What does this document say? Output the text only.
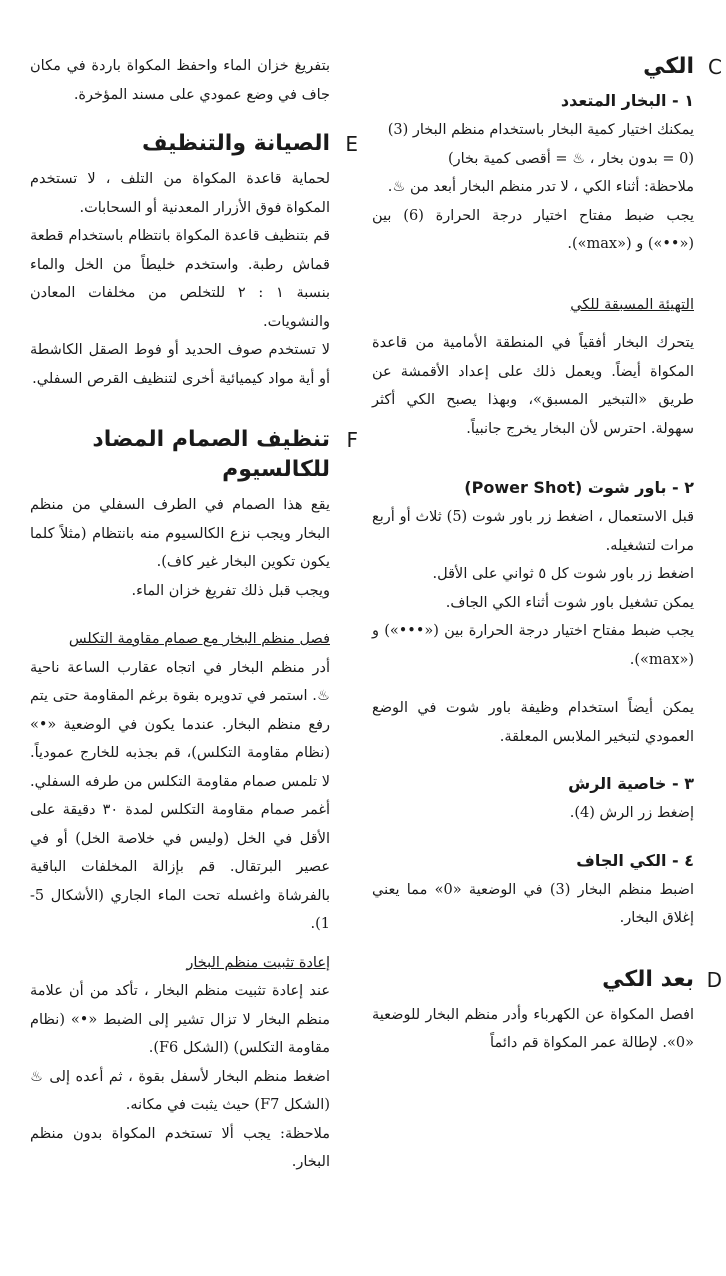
C
الكي
١ - البخار المتعدد

يمكنك اختيار كمية البخار باستخدام منظم البخار (3)

(0 = بدون بخار ، ♨ = أقصى كمية بخار)

ملاحظة: أثناء الكي ، لا تدر منظم البخار أبعد من ♨.

يجب ضبط مفتاح اختيار درجة الحرارة (6) بين («••») و («max»).

التهيئة المسبقة للكي

يتحرك البخار أفقياً في المنطقة الأمامية من قاعدة المكواة أيضاً. ويعمل ذلك على إعداد الأقمشة عن طريق «التبخير المسبق»، وبهذا يصبح الكي أكثر سهولة. احترس لأن البخار يخرج جانبياً.

٢ - باور شوت (Power Shot)

قبل الاستعمال ، اضغط زر باور شوت (5) ثلاث أو أربع مرات لتشغيله.

اضغط زر باور شوت كل ٥ ثواني على الأقل.

يمكن تشغيل باور شوت أثناء الكي الجاف.

يجب ضبط مفتاح اختيار درجة الحرارة بين («•••») و («max»).

يمكن أيضاً استخدام وظيفة باور شوت في الوضع العمودي لتبخير الملابس المعلقة.

٣ - خاصية الرش

إضغط زر الرش (4).

٤ - الكي الجاف

اضبط منظم البخار (3) في الوضعية «0» مما يعني إغلاق البخار.

D
بعد الكي

افصل المكواة عن الكهرباء وأدر منظم البخار للوضعية «0». لإطالة عمر المكواة قم دائماً

بتفريغ خزان الماء واحفظ المكواة باردة في مكان جاف في وضع عمودي على مسند المؤخرة.

E
الصيانة والتنظيف

لحماية قاعدة المكواة من التلف ، لا تستخدم المكواة فوق الأزرار المعدنية أو السحابات.

قم بتنظيف قاعدة المكواة بانتظام باستخدام قطعة قماش رطبة. واستخدم خليطاً من الخل والماء بنسبة ١ : ٢ للتخلص من مخلفات المعادن والنشويات.

لا تستخدم صوف الحديد أو فوط الصقل الكاشطة أو أية مواد كيميائية أخرى لتنظيف القرص السفلي.

F
تنظيف الصمام المضاد للكالسيوم

يقع هذا الصمام في الطرف السفلي من منظم البخار ويجب نزع الكالسيوم منه بانتظام (مثلاً كلما يكون تكوين البخار غير كاف).

ويجب قبل ذلك تفريغ خزان الماء.

فصل منظم البخار مع صمام مقاومة التكلس

أدر منظم البخار في اتجاه عقارب الساعة ناحية ♨. استمر في تدويره بقوة برغم المقاومة حتى يتم رفع منظم البخار. عندما يكون في الوضعية «•» (نظام مقاومة التكلس)، قم بجذبه للخارج عمودياً. لا تلمس صمام مقاومة التكلس من طرفه السفلي. أغمر صمام مقاومة التكلس لمدة ٣٠ دقيقة على الأقل في الخل (وليس في خلاصة الخل) أو في عصير البرتقال. قم بإزالة المخلفات الباقية بالفرشاة واغسله تحت الماء الجاري (الأشكال 5-1).

إعادة تثبيت منظم البخار

عند إعادة تثبيت منظم البخار ، تأكد من أن علامة منظم البخار لا تزال تشير إلى الضبط «•» (نظام مقاومة التكلس) (الشكل F6).

اضغط منظم البخار لأسفل بقوة ، ثم أعده إلى ♨ (الشكل F7) حيث يثبت في مكانه.

ملاحظة: يجب ألا تستخدم المكواة بدون منظم البخار.
